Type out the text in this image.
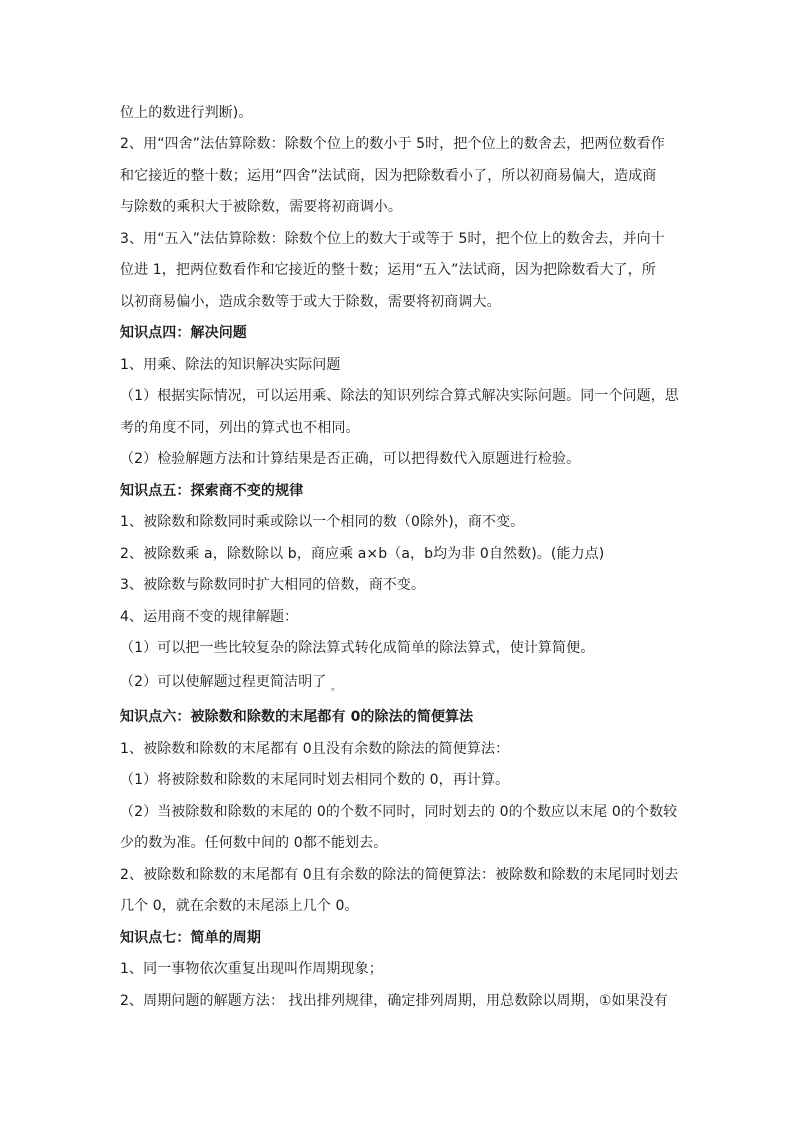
位上的数进行判断)。
2、用“四舍”法估算除数：除数个位上的数小于 5时，把个位上的数舍去，把两位数看作
和它接近的整十数；运用“四舍”法试商，因为把除数看小了，所以初商易偏大，造成商
与除数的乘积大于被除数，需要将初商调小。
3、用“五入”法估算除数：除数个位上的数大于或等于 5时，把个位上的数舍去，并向十
位进 1，把两位数看作和它接近的整十数；运用“五入”法试商，因为把除数看大了，所
以初商易偏小，造成余数等于或大于除数，需要将初商调大。
知识点四：解决问题
1、用乘、除法的知识解决实际问题
（1）根据实际情况，可以运用乘、除法的知识列综合算式解决实际问题。同一个问题，思
考的角度不同，列出的算式也不相同。
（2）检验解题方法和计算结果是否正确，可以把得数代入原题进行检验。
知识点五：探索商不变的规律
1、被除数和除数同时乘或除以一个相同的数（0除外)，商不变。
2、被除数乘 a，除数除以 b，商应乘 a×b（a，b均为非 0自然数)。(能力点)
3、被除数与除数同时扩大相同的倍数，商不变。
4、运用商不变的规律解题：
（1）可以把一些比较复杂的除法算式转化成简单的除法算式，使计算简便。
（2）可以使解题过程更简洁明了 $_。$
知识点六：被除数和除数的末尾都有 0的除法的简便算法
1、被除数和除数的末尾都有 0且没有余数的除法的简便算法：
（1）将被除数和除数的末尾同时划去相同个数的 0，再计算。
（2）当被除数和除数的末尾的 0的个数不同时，同时划去的 0的个数应以末尾 0的个数较
少的数为准。任何数中间的 0都不能划去。
2、被除数和除数的末尾都有 0且有余数的除法的简便算法：被除数和除数的末尾同时划去
几个 0，就在余数的末尾添上几个 0。
知识点七：简单的周期
1、同一事物依次重复出现叫作周期现象；
2、周期问题的解题方法： 找出排列规律，确定排列周期，用总数除以周期，①如果没有
